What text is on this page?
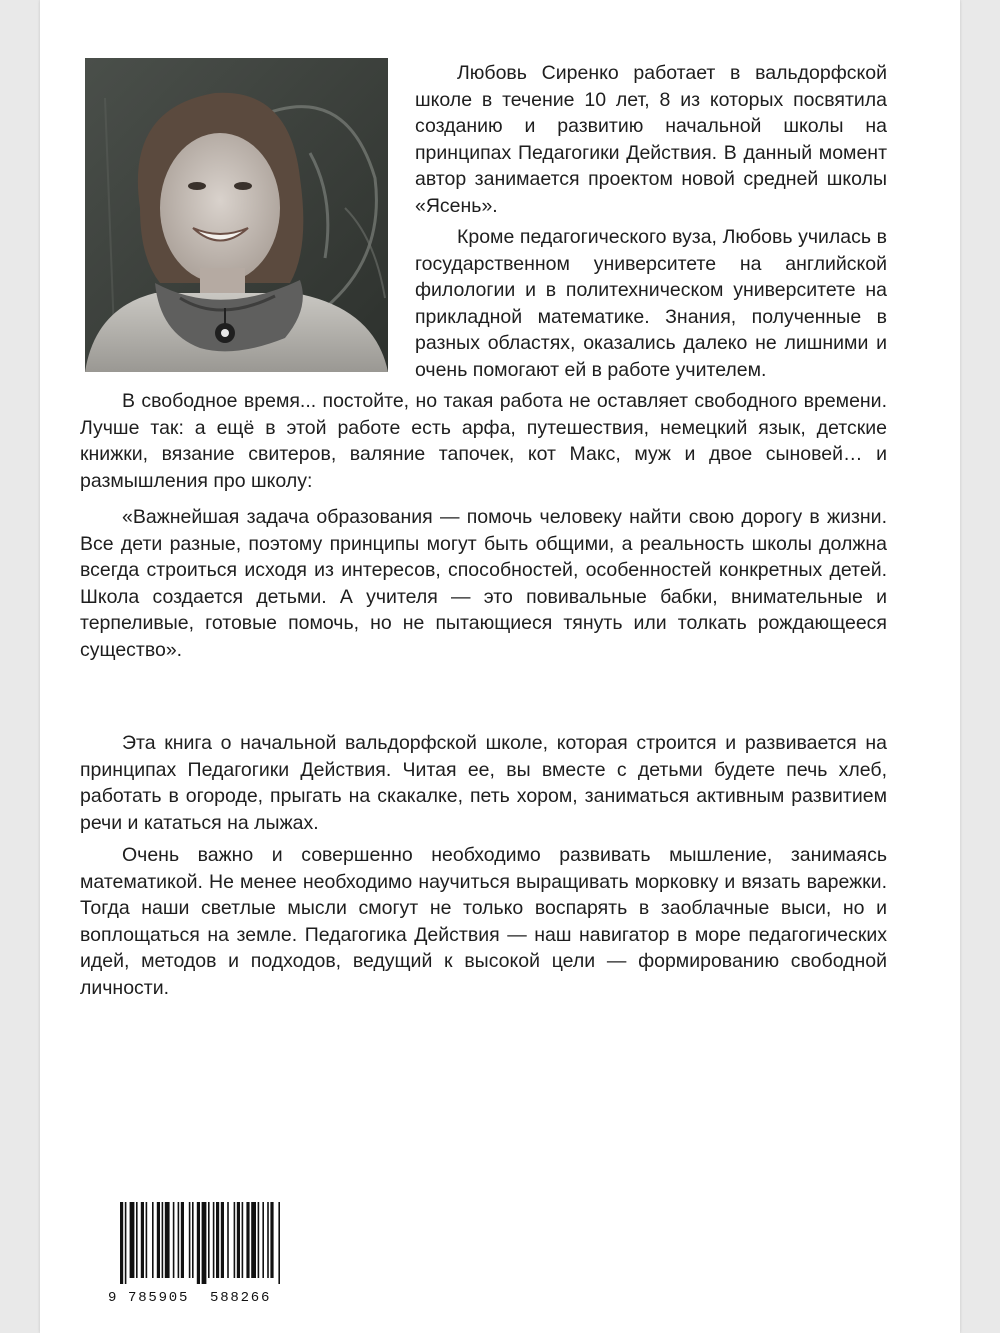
Любовь Сиренко работает в вальдорфской школе в течение 10 лет, 8 из которых посвятила созданию и развитию начальной школы на принципах Педагогики Действия. В данный момент автор занимается проектом новой средней школы «Ясень».

Кроме педагогического вуза, Любовь училась в государственном университете на английской филологии и в политехническом университете на прикладной математике. Знания, полученные в разных областях, оказались далеко не лишними и очень помогают ей в работе учителем.

В свободное время... постойте, но такая работа не оставляет свободного времени. Лучше так: а ещё в этой работе есть арфа, путешествия, немецкий язык, детские книжки, вязание свитеров, валяние тапочек, кот Макс, муж и двое сыновей… и размышления про школу:

«Важнейшая задача образования — помочь человеку найти свою дорогу в жизни. Все дети разные, поэтому принципы могут быть общими, а реальность школы должна всегда строиться исходя из интересов, способностей, особенностей конкретных детей. Школа создается детьми. А учителя — это повивальные бабки, внимательные и терпеливые, готовые помочь, но не пытающиеся тянуть или толкать рождающееся существо».

Эта книга о начальной вальдорфской школе, которая строится и развивается на принципах Педагогики Действия. Читая ее, вы вместе с детьми будете печь хлеб, работать в огороде, прыгать на скакалке, петь хором, заниматься активным развитием речи и кататься на лыжах.

Очень важно и совершенно необходимо развивать мышление, занимаясь математикой. Не менее необходимо научиться выращивать морковку и вязать варежки. Тогда наши светлые мысли смогут не только воспарять в заоблачные выси, но и воплощаться на земле. Педагогика Действия — наш навигатор в море педагогических идей, методов и подходов, ведущий к высокой цели — формированию свободной личности.

9 785905	588266
